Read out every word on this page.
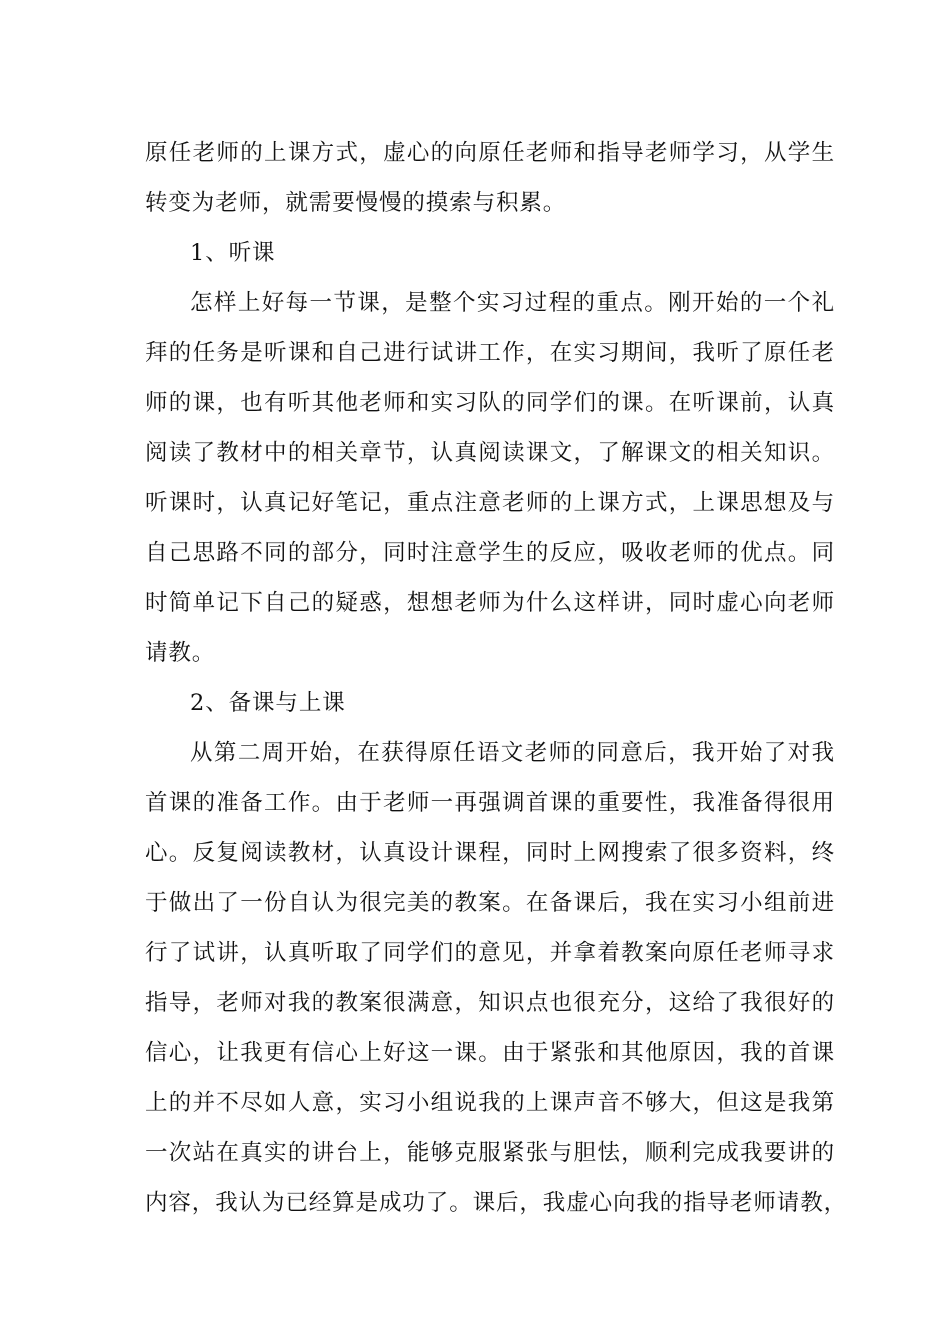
原任老师的上课方式，虚心的向原任老师和指导老师学习，从学生
转变为老师，就需要慢慢的摸索与积累。
1、听课
怎样上好每一节课，是整个实习过程的重点。刚开始的一个礼
拜的任务是听课和自己进行试讲工作，在实习期间，我听了原任老
师的课，也有听其他老师和实习队的同学们的课。在听课前，认真
阅读了教材中的相关章节，认真阅读课文，了解课文的相关知识。
听课时，认真记好笔记，重点注意老师的上课方式，上课思想及与
自己思路不同的部分，同时注意学生的反应，吸收老师的优点。同
时简单记下自己的疑惑，想想老师为什么这样讲，同时虚心向老师
请教。
2、备课与上课
从第二周开始，在获得原任语文老师的同意后，我开始了对我
首课的准备工作。由于老师一再强调首课的重要性，我准备得很用
心。反复阅读教材，认真设计课程，同时上网搜索了很多资料，终
于做出了一份自认为很完美的教案。在备课后，我在实习小组前进
行了试讲，认真听取了同学们的意见，并拿着教案向原任老师寻求
指导，老师对我的教案很满意，知识点也很充分，这给了我很好的
信心，让我更有信心上好这一课。由于紧张和其他原因，我的首课
上的并不尽如人意，实习小组说我的上课声音不够大，但这是我第
一次站在真实的讲台上，能够克服紧张与胆怯，顺利完成我要讲的
内容，我认为已经算是成功了。课后，我虚心向我的指导老师请教，
